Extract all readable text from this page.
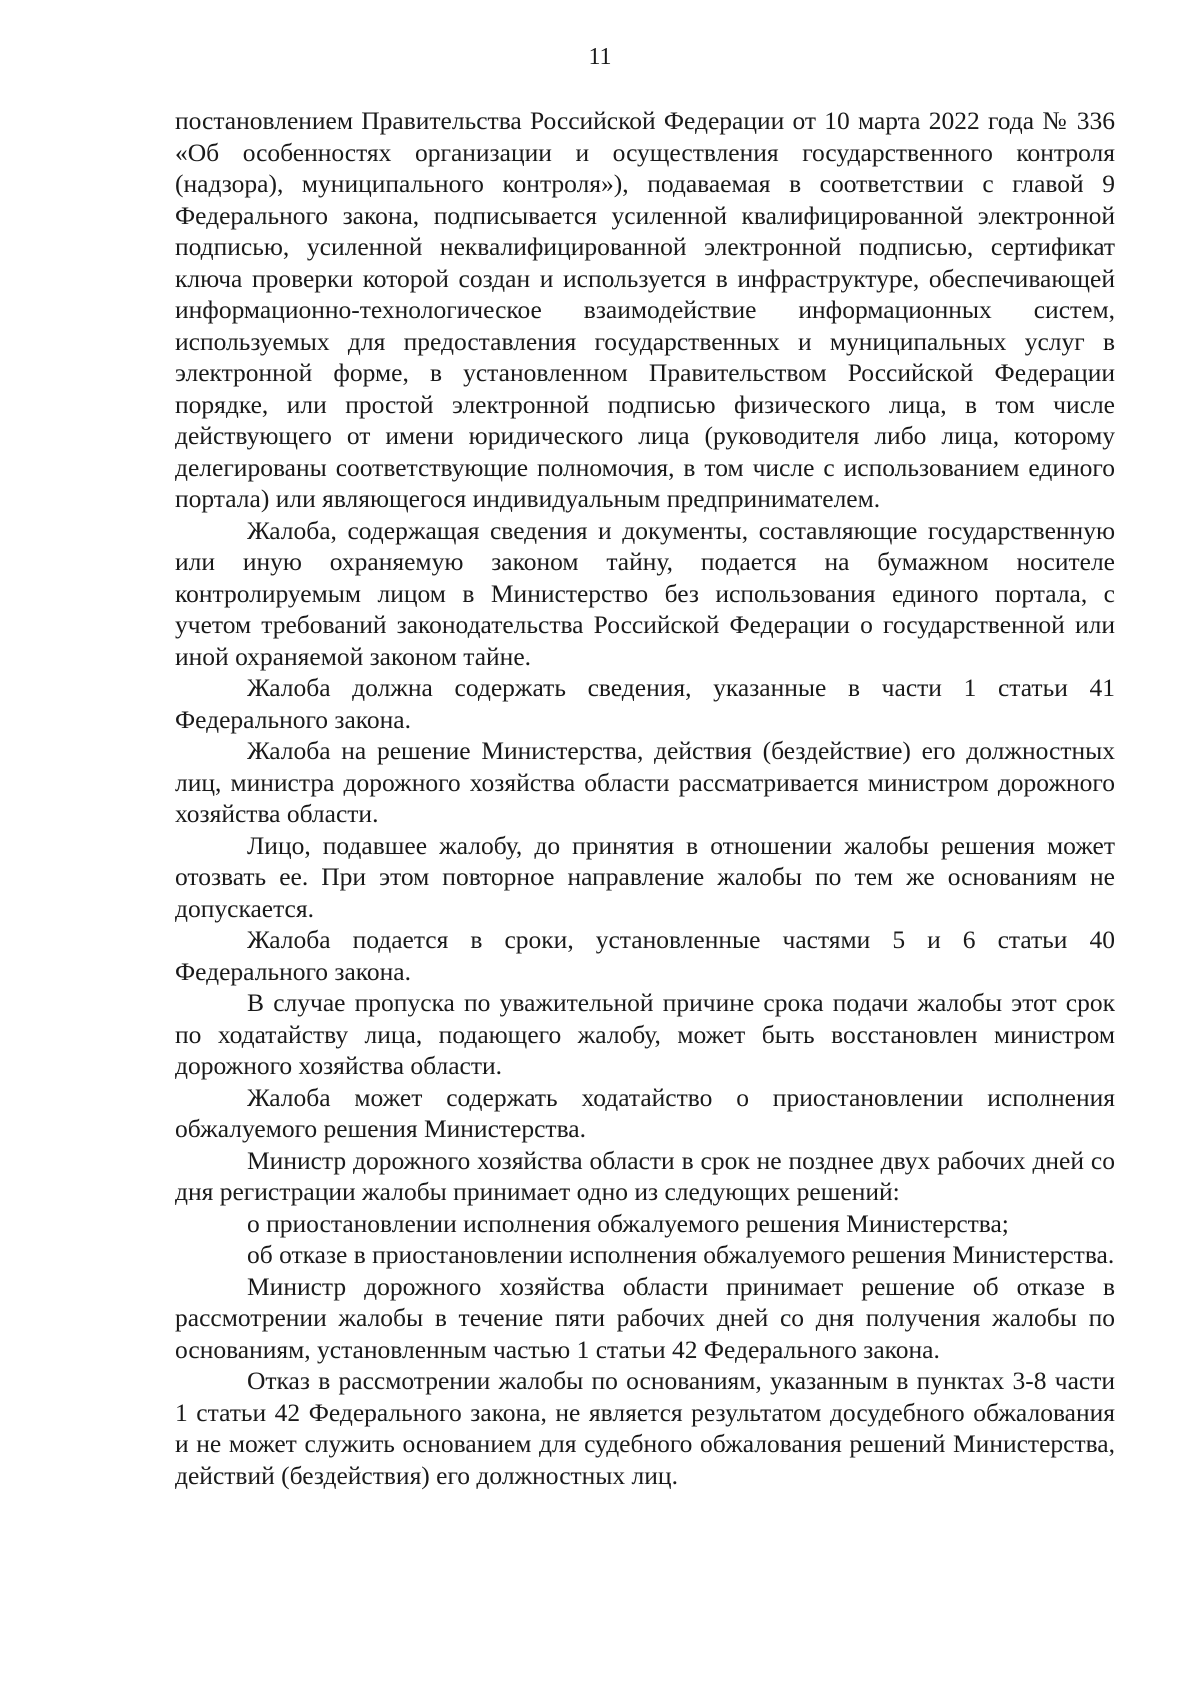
11

постановлением Правительства Российской Федерации от 10 марта 2022 года № 336 «Об особенностях организации и осуществления государственного контроля (надзора), муниципального контроля»), подаваемая в соответствии с главой 9 Федерального закона, подписывается усиленной квалифицированной электронной подписью, усиленной неквалифицированной электронной подписью, сертификат ключа проверки которой создан и используется в инфраструктуре, обеспечивающей информационно-технологическое взаимодействие информационных систем, используемых для предоставления государственных и муниципальных услуг в электронной форме, в установленном Правительством Российской Федерации порядке, или простой электронной подписью физического лица, в том числе действующего от имени юридического лица (руководителя либо лица, которому делегированы соответствующие полномочия, в том числе с использованием единого портала) или являющегося индивидуальным предпринимателем.

Жалоба, содержащая сведения и документы, составляющие государственную или иную охраняемую законом тайну, подается на бумажном носителе контролируемым лицом в Министерство без использования единого портала, с учетом требований законодательства Российской Федерации о государственной или иной охраняемой законом тайне.

Жалоба должна содержать сведения, указанные в части 1 статьи 41 Федерального закона.

Жалоба на решение Министерства, действия (бездействие) его должностных лиц, министра дорожного хозяйства области рассматривается министром дорожного хозяйства области.

Лицо, подавшее жалобу, до принятия в отношении жалобы решения может отозвать ее. При этом повторное направление жалобы по тем же основаниям не допускается.

Жалоба подается в сроки, установленные частями 5 и 6 статьи 40 Федерального закона.

В случае пропуска по уважительной причине срока подачи жалобы этот срок по ходатайству лица, подающего жалобу, может быть восстановлен министром дорожного хозяйства области.

Жалоба может содержать ходатайство о приостановлении исполнения обжалуемого решения Министерства.

Министр дорожного хозяйства области в срок не позднее двух рабочих дней со дня регистрации жалобы принимает одно из следующих решений:

о приостановлении исполнения обжалуемого решения Министерства;

об отказе в приостановлении исполнения обжалуемого решения Министерства.

Министр дорожного хозяйства области принимает решение об отказе в рассмотрении жалобы в течение пяти рабочих дней со дня получения жалобы по основаниям, установленным частью 1 статьи 42 Федерального закона.

Отказ в рассмотрении жалобы по основаниям, указанным в пунктах 3-8 части 1 статьи 42 Федерального закона, не является результатом досудебного обжалования и не может служить основанием для судебного обжалования решений Министерства, действий (бездействия) его должностных лиц.
